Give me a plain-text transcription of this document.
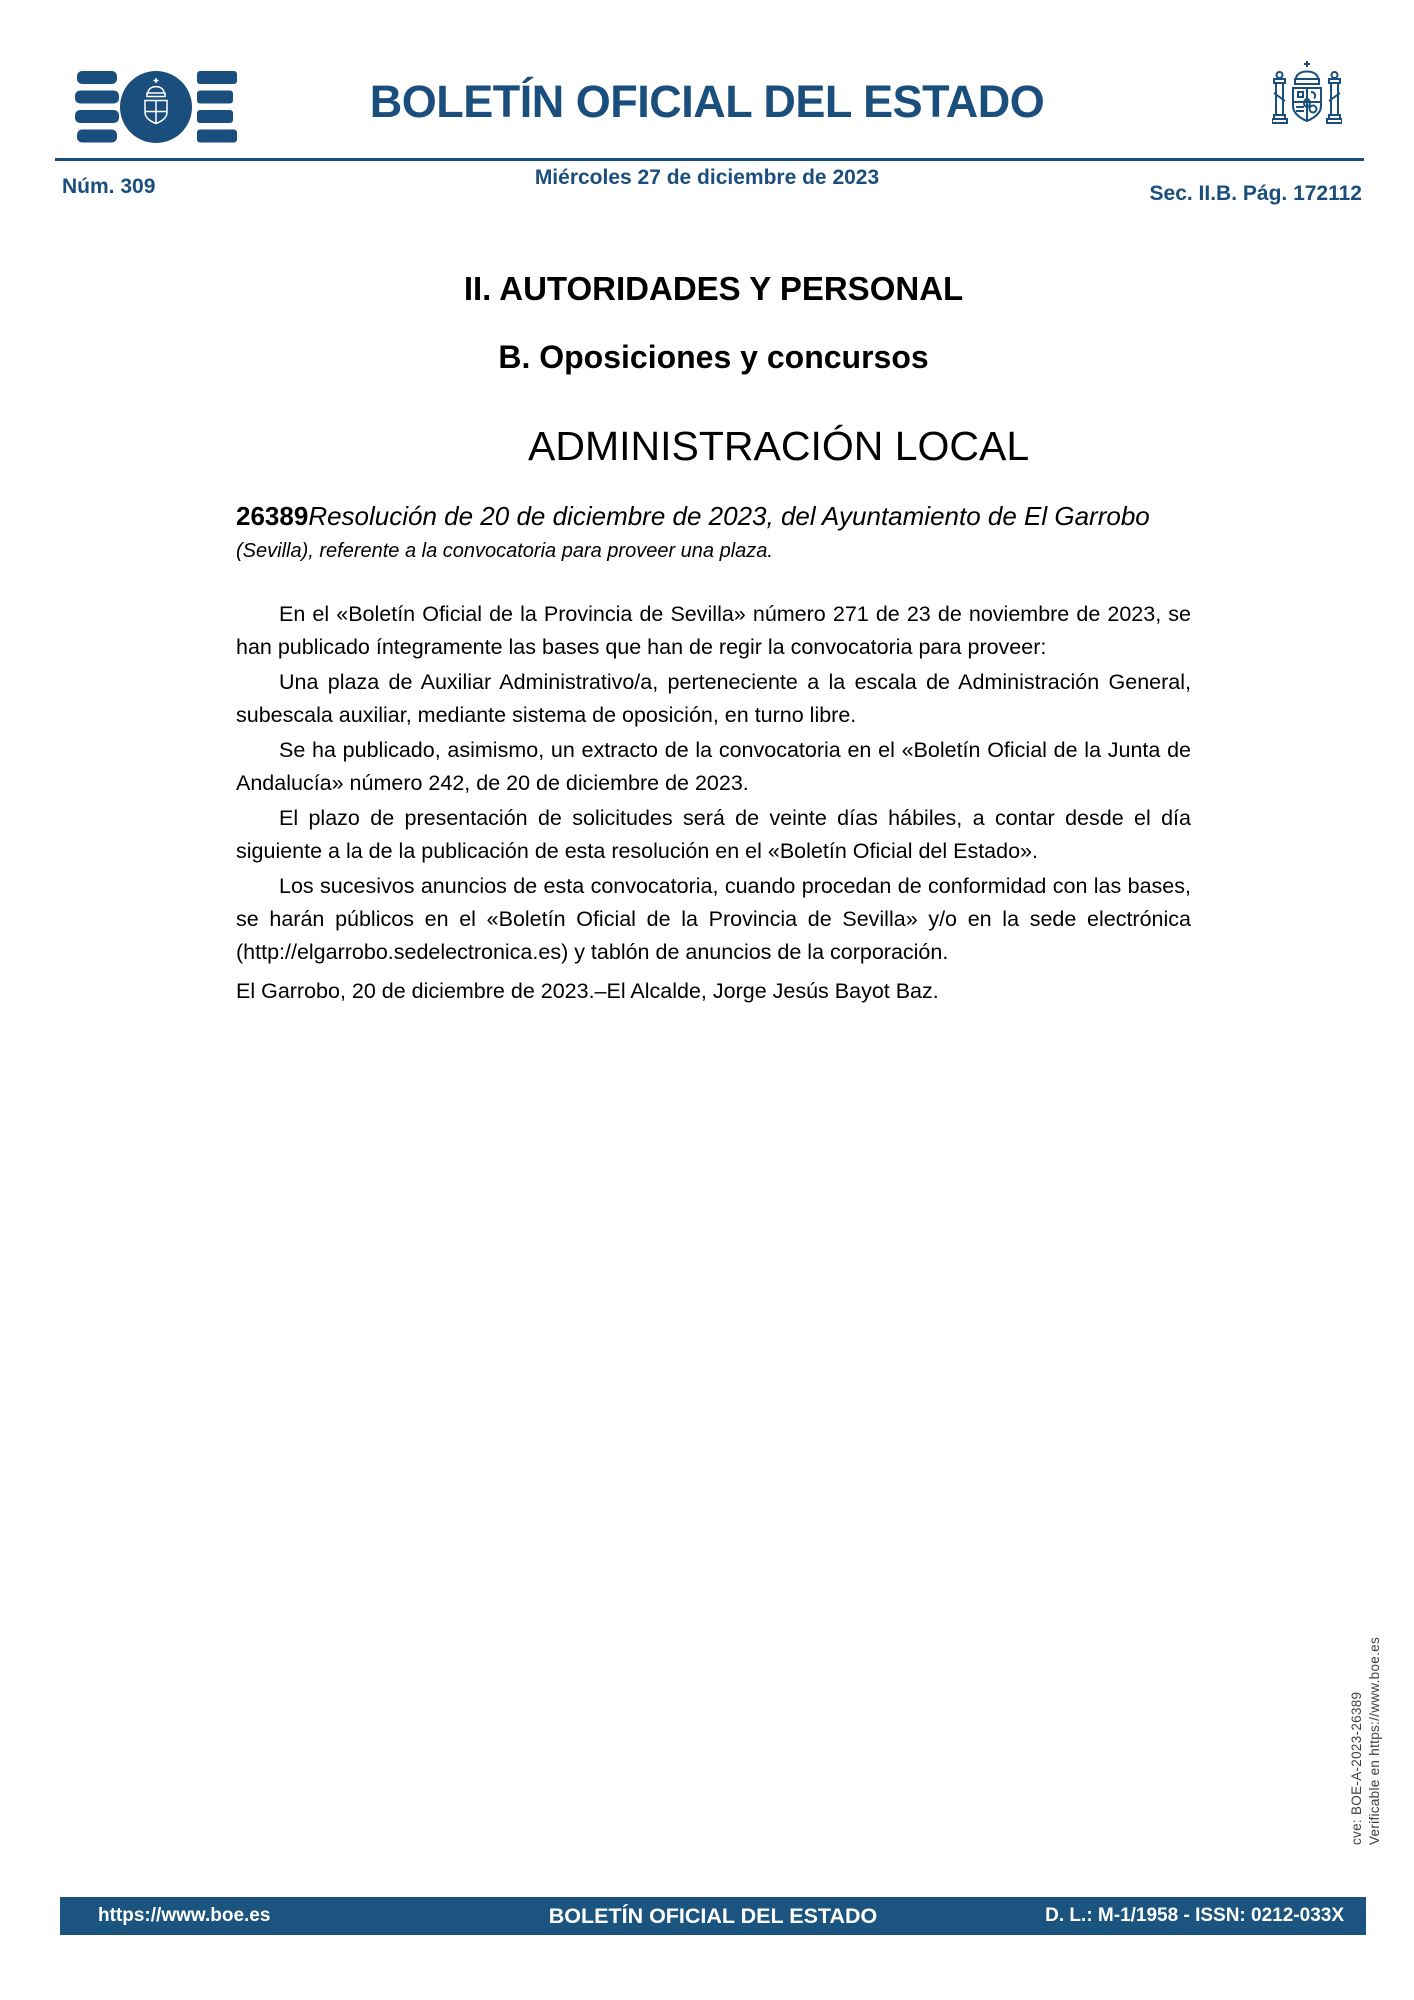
BOLETÍN OFICIAL DEL ESTADO
Núm. 309	Miércoles 27 de diciembre de 2023
Sec. II.B. Pág. 172112
II. AUTORIDADES Y PERSONAL
B. Oposiciones y concursos
ADMINISTRACIÓN LOCAL

26389Resolución de 20 de diciembre de 2023, del Ayuntamiento de El Garrobo
(Sevilla), referente a la convocatoria para proveer una plaza.

En el «Boletín Oficial de la Provincia de Sevilla» número 271 de 23 de noviembre de 2023, se han publicado íntegramente las bases que han de regir la convocatoria para proveer:

Una plaza de Auxiliar Administrativo/a, perteneciente a la escala de Administración General, subescala auxiliar, mediante sistema de oposición, en turno libre.

Se ha publicado, asimismo, un extracto de la convocatoria en el «Boletín Oficial de la Junta de Andalucía» número 242, de 20 de diciembre de 2023.

El plazo de presentación de solicitudes será de veinte días hábiles, a contar desde el día siguiente a la de la publicación de esta resolución en el «Boletín Oficial del Estado».

Los sucesivos anuncios de esta convocatoria, cuando procedan de conformidad con las bases, se harán públicos en el «Boletín Oficial de la Provincia de Sevilla» y/o en la sede electrónica (http://elgarrobo.sedelectronica.es) y tablón de anuncios de la corporación.

El Garrobo, 20 de diciembre de 2023.–El Alcalde, Jorge Jesús Bayot Baz.

cve: BOE-A-2023-26389 Verificable en https://www.boe.es
https://www.boe.es	BOLETÍN OFICIAL DEL ESTADO	D. L.: M-1/1958 - ISSN: 0212-033X
